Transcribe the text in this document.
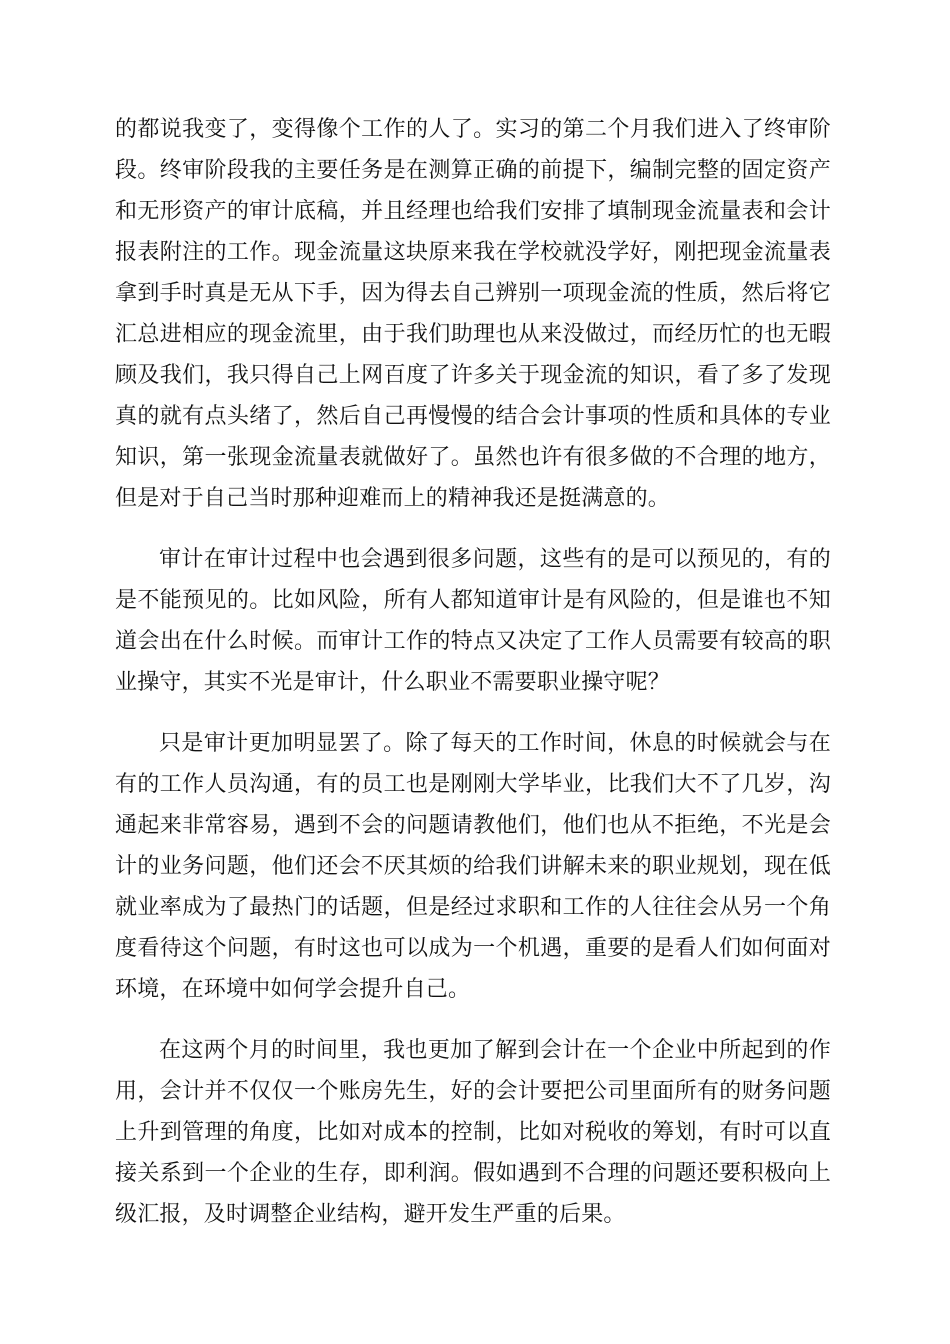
的都说我变了，变得像个工作的人了。实习的第二个月我们进入了终审阶段。终审阶段我的主要任务是在测算正确的前提下，编制完整的固定资产和无形资产的审计底稿，并且经理也给我们安排了填制现金流量表和会计报表附注的工作。现金流量这块原来我在学校就没学好，刚把现金流量表拿到手时真是无从下手，因为得去自己辨别一项现金流的性质，然后将它汇总进相应的现金流里，由于我们助理也从来没做过，而经历忙的也无暇顾及我们，我只得自己上网百度了许多关于现金流的知识，看了多了发现真的就有点头绪了，然后自己再慢慢的结合会计事项的性质和具体的专业知识，第一张现金流量表就做好了。虽然也许有很多做的不合理的地方，但是对于自己当时那种迎难而上的精神我还是挺满意的。

审计在审计过程中也会遇到很多问题，这些有的是可以预见的，有的是不能预见的。比如风险，所有人都知道审计是有风险的，但是谁也不知道会出在什么时候。而审计工作的特点又决定了工作人员需要有较高的职业操守，其实不光是审计，什么职业不需要职业操守呢？

只是审计更加明显罢了。除了每天的工作时间，休息的时候就会与在有的工作人员沟通，有的员工也是刚刚大学毕业，比我们大不了几岁，沟通起来非常容易，遇到不会的问题请教他们，他们也从不拒绝，不光是会计的业务问题，他们还会不厌其烦的给我们讲解未来的职业规划，现在低就业率成为了最热门的话题，但是经过求职和工作的人往往会从另一个角度看待这个问题，有时这也可以成为一个机遇，重要的是看人们如何面对环境，在环境中如何学会提升自己。

在这两个月的时间里，我也更加了解到会计在一个企业中所起到的作用，会计并不仅仅一个账房先生，好的会计要把公司里面所有的财务问题上升到管理的角度，比如对成本的控制，比如对税收的筹划，有时可以直接关系到一个企业的生存，即利润。假如遇到不合理的问题还要积极向上级汇报，及时调整企业结构，避开发生严重的后果。
